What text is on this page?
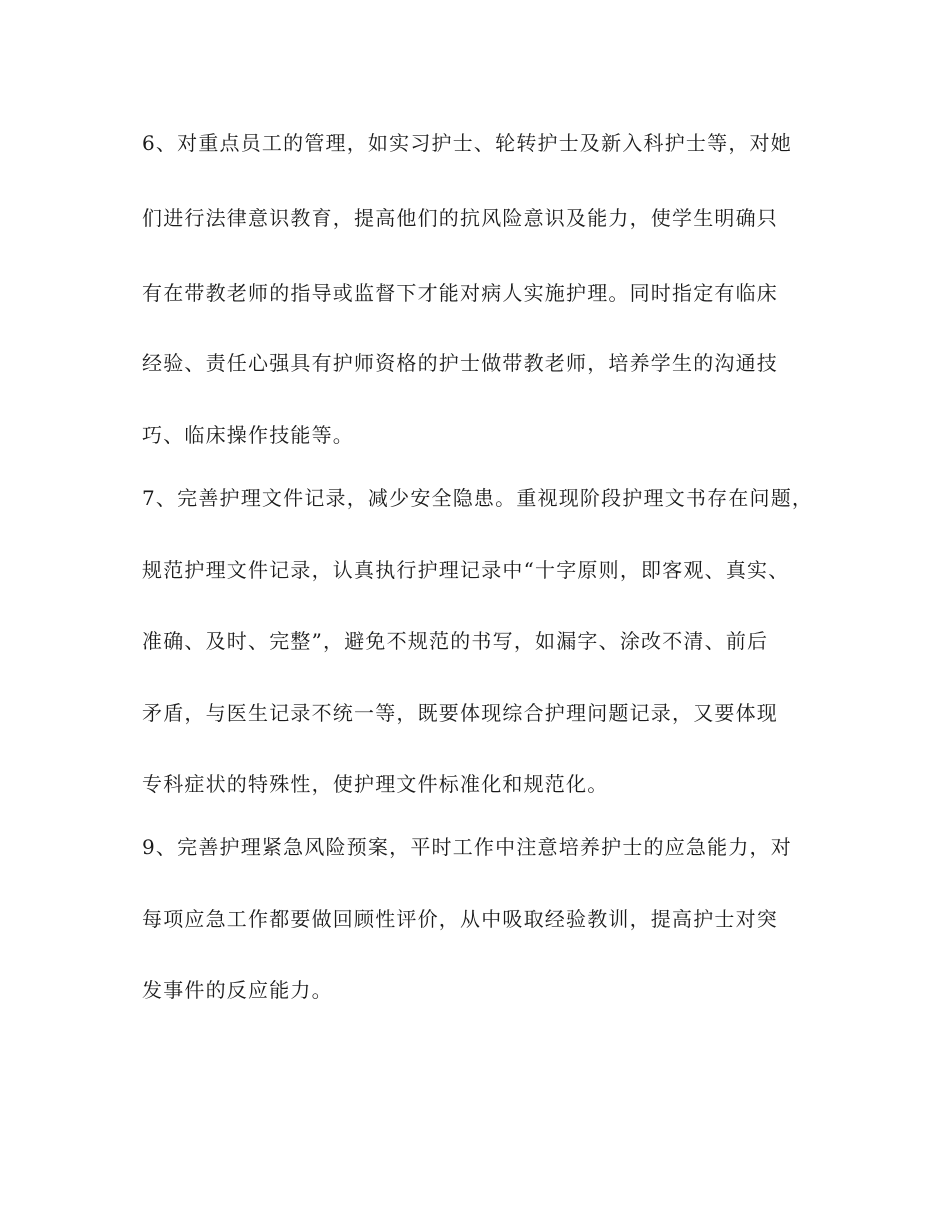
6、对重点员工的管理，如实习护士、轮转护士及新入科护士等，对她

们进行法律意识教育，提高他们的抗风险意识及能力，使学生明确只

有在带教老师的指导或监督下才能对病人实施护理。同时指定有临床

经验、责任心强具有护师资格的护士做带教老师，培养学生的沟通技

巧、临床操作技能等。

7、完善护理文件记录，减少安全隐患。重视现阶段护理文书存在问题，

规范护理文件记录，认真执行护理记录中“十字原则，即客观、真实、

准确、及时、完整”，避免不规范的书写，如漏字、涂改不清、前后

矛盾，与医生记录不统一等，既要体现综合护理问题记录，又要体现

专科症状的特殊性，使护理文件标准化和规范化。

9、完善护理紧急风险预案，平时工作中注意培养护士的应急能力，对

每项应急工作都要做回顾性评价，从中吸取经验教训，提高护士对突

发事件的反应能力。
